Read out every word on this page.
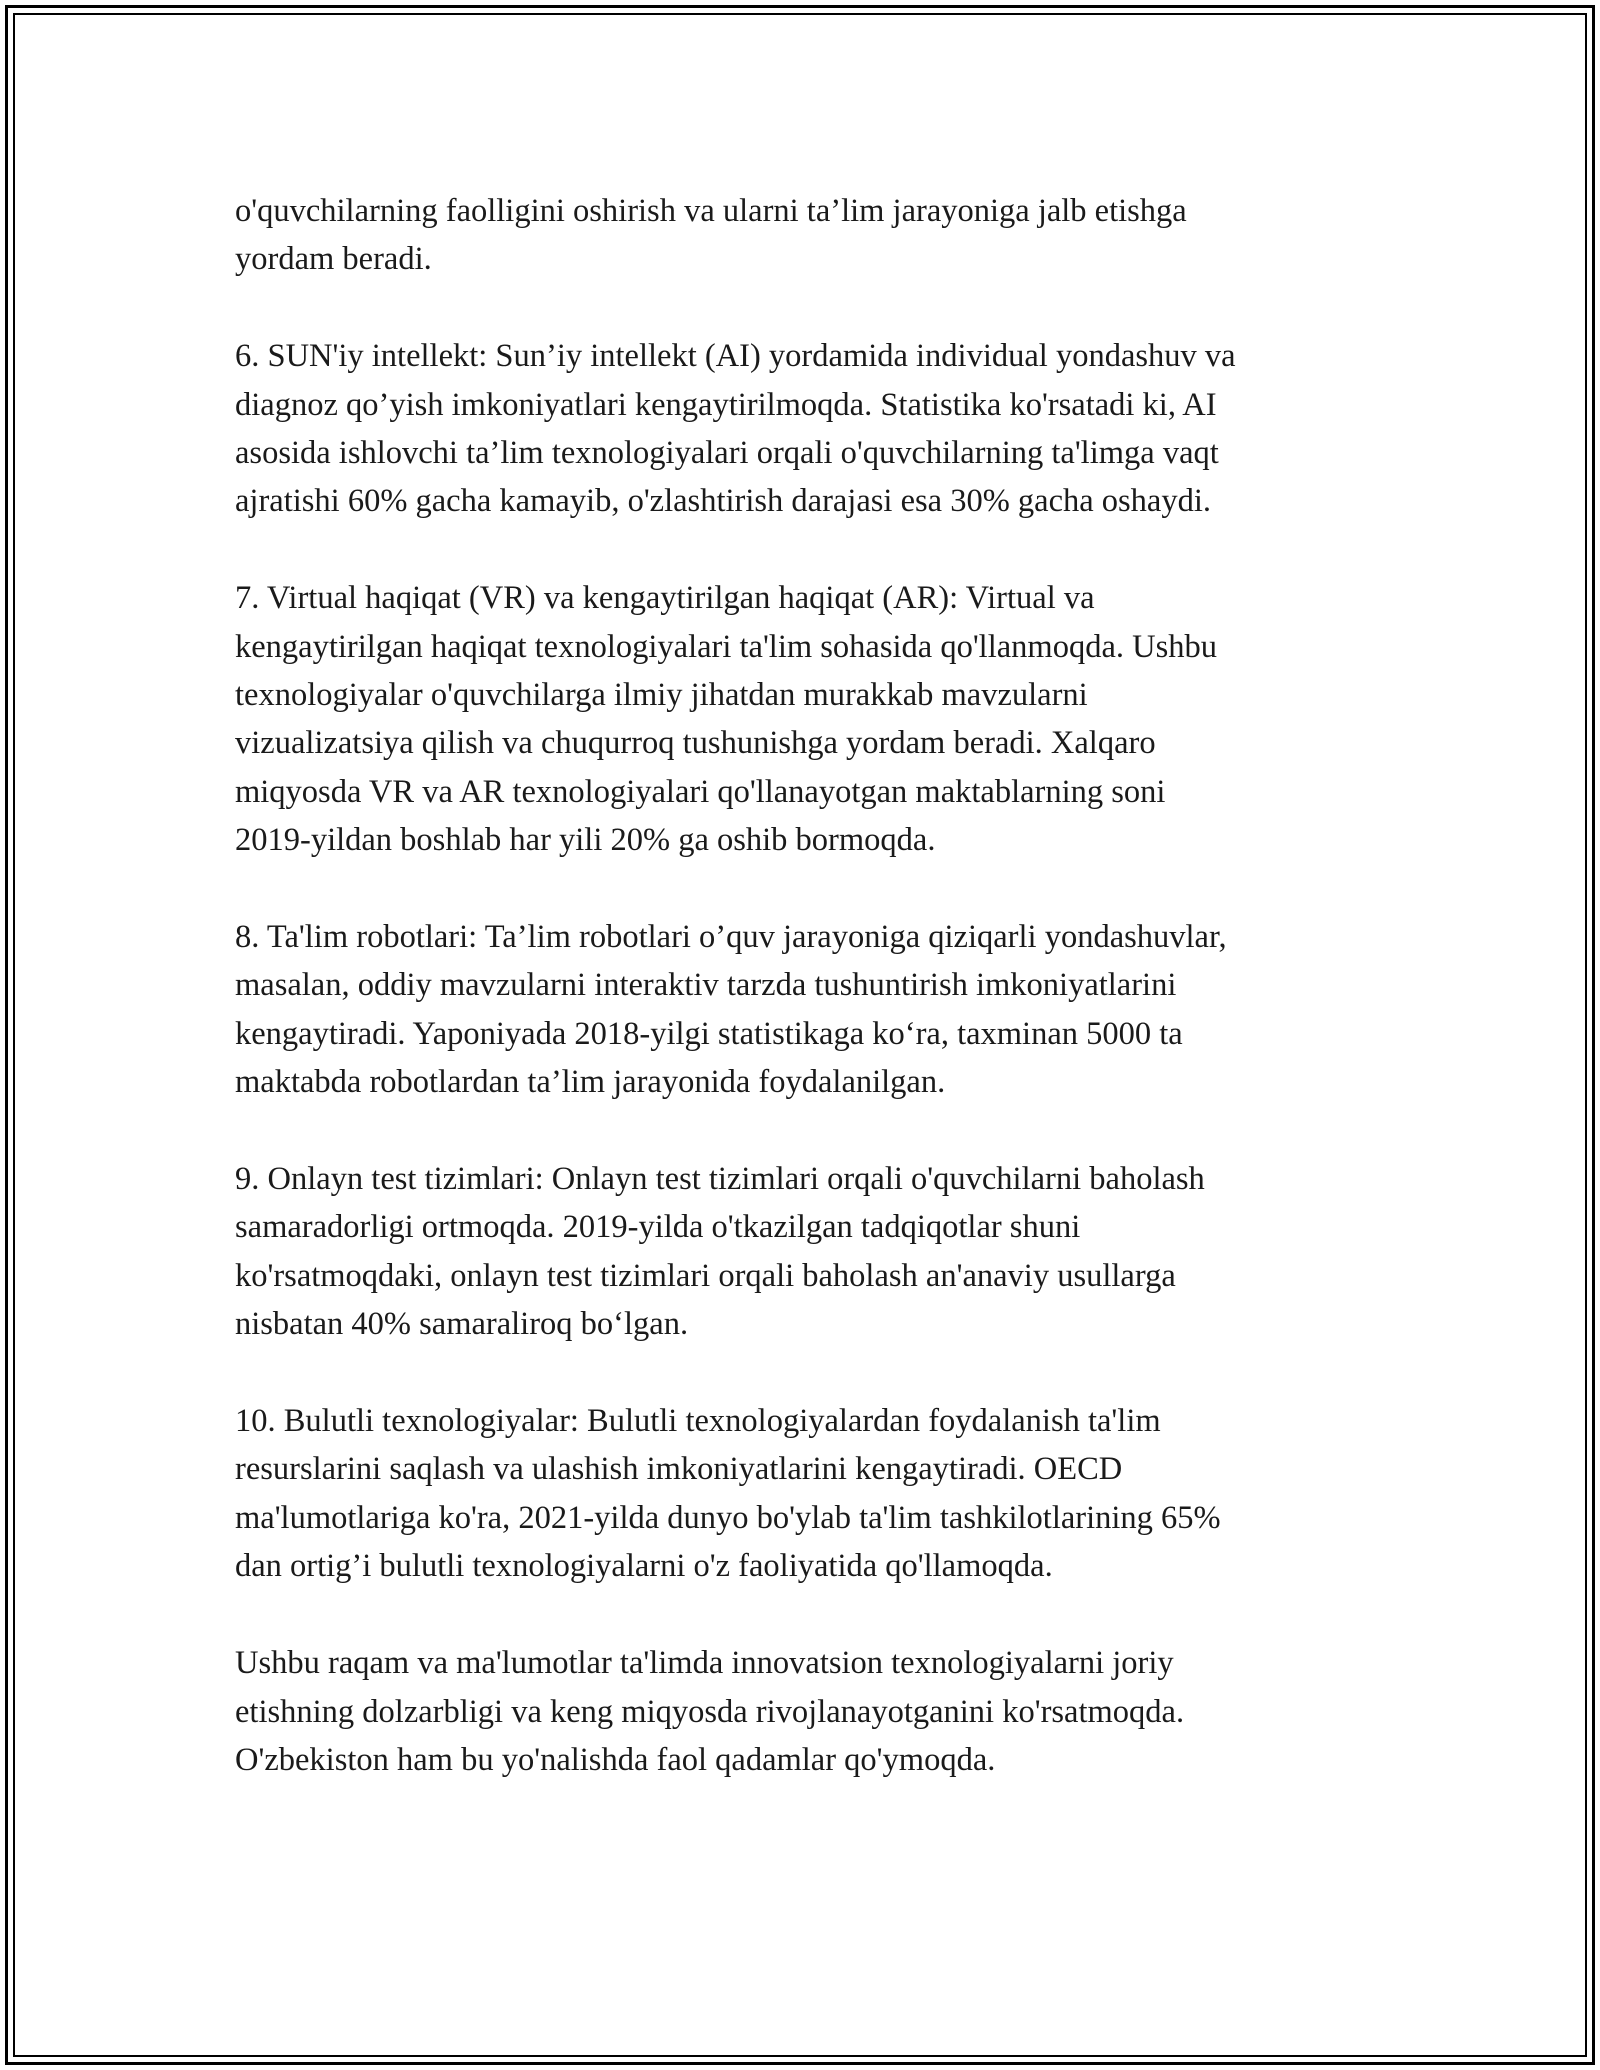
o'quvchilarning faolligini oshirish va ularni ta’lim jarayoniga jalb etishga
yordam beradi.

6. SUN'iy intellekt: Sun’iy intellekt (AI) yordamida individual yondashuv va
diagnoz qo’yish imkoniyatlari kengaytirilmoqda. Statistika ko'rsatadi ki, AI
asosida ishlovchi ta’lim texnologiyalari orqali o'quvchilarning ta'limga vaqt
ajratishi 60% gacha kamayib, o'zlashtirish darajasi esa 30% gacha oshaydi.

7. Virtual haqiqat (VR) va kengaytirilgan haqiqat (AR): Virtual va
kengaytirilgan haqiqat texnologiyalari ta'lim sohasida qo'llanmoqda. Ushbu
texnologiyalar o'quvchilarga ilmiy jihatdan murakkab mavzularni
vizualizatsiya qilish va chuqurroq tushunishga yordam beradi. Xalqaro
miqyosda VR va AR texnologiyalari qo'llanayotgan maktablarning soni
2019-yildan boshlab har yili 20% ga oshib bormoqda.

8. Ta'lim robotlari: Ta’lim robotlari o’quv jarayoniga qiziqarli yondashuvlar,
masalan, oddiy mavzularni interaktiv tarzda tushuntirish imkoniyatlarini
kengaytiradi. Yaponiyada 2018-yilgi statistikaga ko‘ra, taxminan 5000 ta
maktabda robotlardan ta’lim jarayonida foydalanilgan.

9. Onlayn test tizimlari: Onlayn test tizimlari orqali o'quvchilarni baholash
samaradorligi ortmoqda. 2019-yilda o'tkazilgan tadqiqotlar shuni
ko'rsatmoqdaki, onlayn test tizimlari orqali baholash an'anaviy usullarga
nisbatan 40% samaraliroq bo‘lgan.

10. Bulutli texnologiyalar: Bulutli texnologiyalardan foydalanish ta'lim
resurslarini saqlash va ulashish imkoniyatlarini kengaytiradi. OECD
ma'lumotlariga ko'ra, 2021-yilda dunyo bo'ylab ta'lim tashkilotlarining 65%
dan ortig’i bulutli texnologiyalarni o'z faoliyatida qo'llamoqda.

Ushbu raqam va ma'lumotlar ta'limda innovatsion texnologiyalarni joriy
etishning dolzarbligi va keng miqyosda rivojlanayotganini ko'rsatmoqda.
O'zbekiston ham bu yo'nalishda faol qadamlar qo'ymoqda.
